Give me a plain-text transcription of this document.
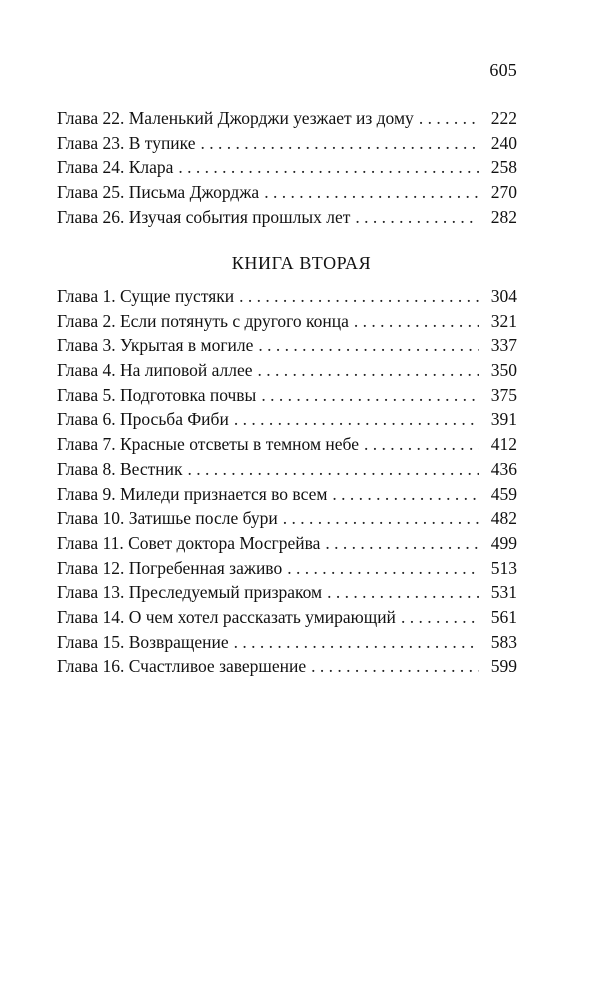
605
Глава 22. Маленький Джорджи уезжает из дому . . .	222
Глава 23. В тупике . . .	240
Глава 24. Клара . . .	258
Глава 25. Письма Джорджа . . .	270
Глава 26. Изучая события прошлых лет . . .	282
КНИГА ВТОРАЯ
Глава 1. Сущие пустяки . . .	304
Глава 2. Если потянуть с другого конца . . .	321
Глава 3. Укрытая в могиле . . .	337
Глава 4. На липовой аллее . . .	350
Глава 5. Подготовка почвы . . .	375
Глава 6. Просьба Фиби . . .	391
Глава 7. Красные отсветы в темном небе . . .	412
Глава 8. Вестник . . .	436
Глава 9. Миледи признается во всем . . .	459
Глава 10. Затишье после бури . . .	482
Глава 11. Совет доктора Мосгрейва . . .	499
Глава 12. Погребенная заживо . . .	513
Глава 13. Преследуемый призраком . . .	531
Глава 14. О чем хотел рассказать умирающий . . .	561
Глава 15. Возвращение . . .	583
Глава 16. Счастливое завершение . . .	599
